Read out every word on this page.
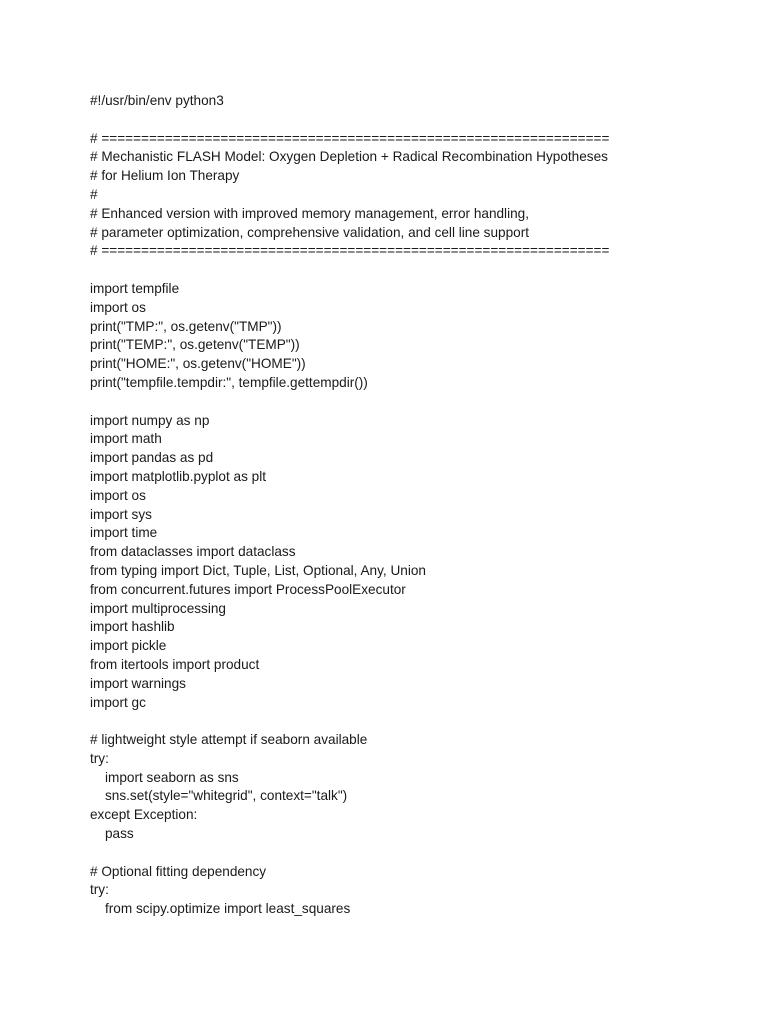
#!/usr/bin/env python3
# ================================================================
# Mechanistic FLASH Model: Oxygen Depletion + Radical Recombination Hypotheses
# for Helium Ion Therapy
#
# Enhanced version with improved memory management, error handling,
# parameter optimization, comprehensive validation, and cell line support
# ================================================================
import tempfile
import os
print("TMP:", os.getenv("TMP"))
print("TEMP:", os.getenv("TEMP"))
print("HOME:", os.getenv("HOME"))
print("tempfile.tempdir:", tempfile.gettempdir())
import numpy as np
import math
import pandas as pd
import matplotlib.pyplot as plt
import os
import sys
import time
from dataclasses import dataclass
from typing import Dict, Tuple, List, Optional, Any, Union
from concurrent.futures import ProcessPoolExecutor
import multiprocessing
import hashlib
import pickle
from itertools import product
import warnings
import gc
# lightweight style attempt if seaborn available
try:
import seaborn as sns
sns.set(style="whitegrid", context="talk")
except Exception:
pass
# Optional fitting dependency
try:
from scipy.optimize import least_squares
